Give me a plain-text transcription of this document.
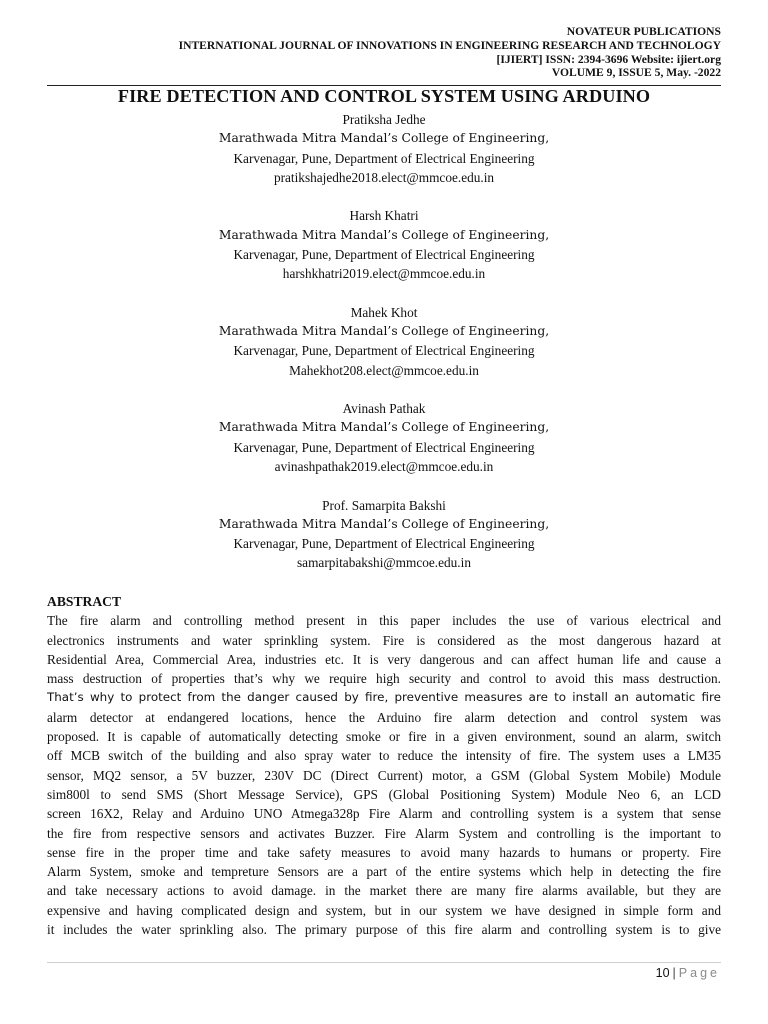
NOVATEUR PUBLICATIONS
INTERNATIONAL JOURNAL OF INNOVATIONS IN ENGINEERING RESEARCH AND TECHNOLOGY
[IJIERT] ISSN: 2394-3696 Website: ijiert.org
VOLUME 9, ISSUE 5, May. -2022
FIRE DETECTION AND CONTROL SYSTEM USING ARDUINO
Pratiksha Jedhe
Marathwada Mitra Mandal’s College of Engineering,
Karvenagar, Pune, Department of Electrical Engineering
pratikshajedhe2018.elect@mmcoe.edu.in
Harsh Khatri
Marathwada Mitra Mandal’s College of Engineering,
Karvenagar, Pune, Department of Electrical Engineering
harshkhatri2019.elect@mmcoe.edu.in
Mahek Khot
Marathwada Mitra Mandal’s College of Engineering,
Karvenagar, Pune, Department of Electrical Engineering
Mahekhot208.elect@mmcoe.edu.in
Avinash Pathak
Marathwada Mitra Mandal’s College of Engineering,
Karvenagar, Pune, Department of Electrical Engineering
avinashpathak2019.elect@mmcoe.edu.in
Prof. Samarpita Bakshi
Marathwada Mitra Mandal’s College of Engineering,
Karvenagar, Pune, Department of Electrical Engineering
samarpitabakshi@mmcoe.edu.in
ABSTRACT
The fire alarm and controlling method present in this paper includes the use of various electrical and
electronics instruments and water sprinkling system. Fire is considered as the most dangerous hazard at
Residential Area, Commercial Area, industries etc. It is very dangerous and can affect human life and cause a
mass destruction of properties that’s why we require high security and control to avoid this mass destruction.
That’s why to protect from the danger caused by fire, preventive measures are to install an automatic fire
alarm detector at endangered locations, hence the Arduino fire alarm detection and control system was
proposed. It is capable of automatically detecting smoke or fire in a given environment, sound an alarm, switch
off MCB switch of the building and also spray water to reduce the intensity of fire. The system uses a LM35
sensor, MQ2 sensor, a 5V buzzer, 230V DC (Direct Current) motor, a GSM (Global System Mobile) Module
sim800l to send SMS (Short Message Service), GPS (Global Positioning System) Module Neo 6, an LCD
screen 16X2, Relay and Arduino UNO Atmega328p Fire Alarm and controlling system is a system that sense
the fire from respective sensors and activates Buzzer. Fire Alarm System and controlling is the important to
sense fire in the proper time and take safety measures to avoid many hazards to humans or property. Fire
Alarm System, smoke and tempreture Sensors are a part of the entire systems which help in detecting the fire
and take necessary actions to avoid damage. in the market there are many fire alarms available, but they are
expensive and having complicated design and system, but in our system we have designed in simple form and
it includes the water sprinkling also. The primary purpose of this fire alarm and controlling system is to give
10 | Page
